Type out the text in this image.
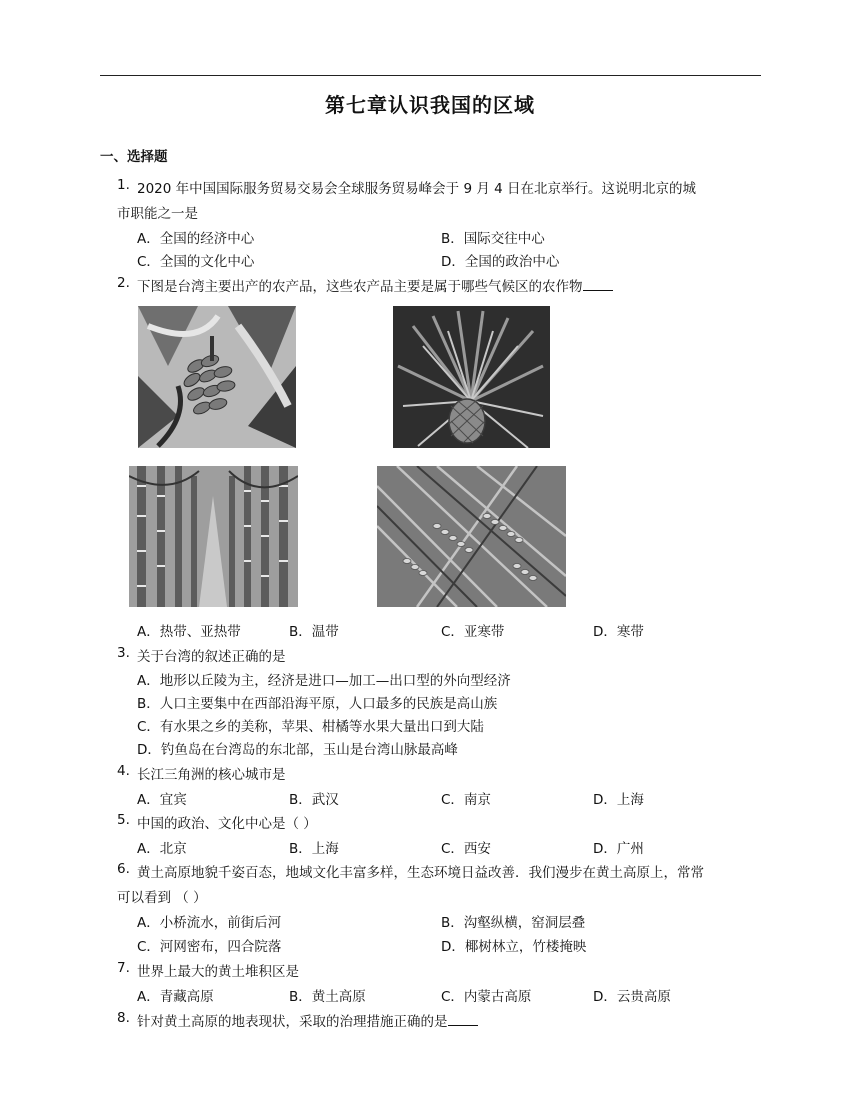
第七章认识我国的区域
一、选择题
1. 2020 年中国国际服务贸易交易会全球服务贸易峰会于 9 月 4 日在北京举行。这说明北京的城
市职能之一是
A．全国的经济中心	B．国际交往中心
C．全国的文化中心	D．全国的政治中心
2. 下图是台湾主要出产的农产品，这些农产品主要是属于哪些气候区的农作物
A．热带、亚热带	B．温带	C．亚寒带	D．寒带
3. 关于台湾的叙述正确的是
A．地形以丘陵为主，经济是进口—加工—出口型的外向型经济
B．人口主要集中在西部沿海平原，人口最多的民族是高山族
C．有水果之乡的美称，苹果、柑橘等水果大量出口到大陆
D．钓鱼岛在台湾岛的东北部，玉山是台湾山脉最高峰
4. 长江三角洲的核心城市是
A．宜宾	B．武汉	C．南京	D．上海
5. 中国的政治、文化中心是（ ）
A．北京	B．上海	C．西安	D．广州
6. 黄土高原地貌千姿百态，地域文化丰富多样，生态环境日益改善．我们漫步在黄土高原上，常常
可以看到 （ ）
A．小桥流水，前街后河	B．沟壑纵横，窑洞层叠
C．河网密布，四合院落	D．椰树林立，竹楼掩映
7. 世界上最大的黄土堆积区是
A．青藏高原	B．黄土高原	C．内蒙古高原	D．云贵高原
8. 针对黄土高原的地表现状，采取的治理措施正确的是
